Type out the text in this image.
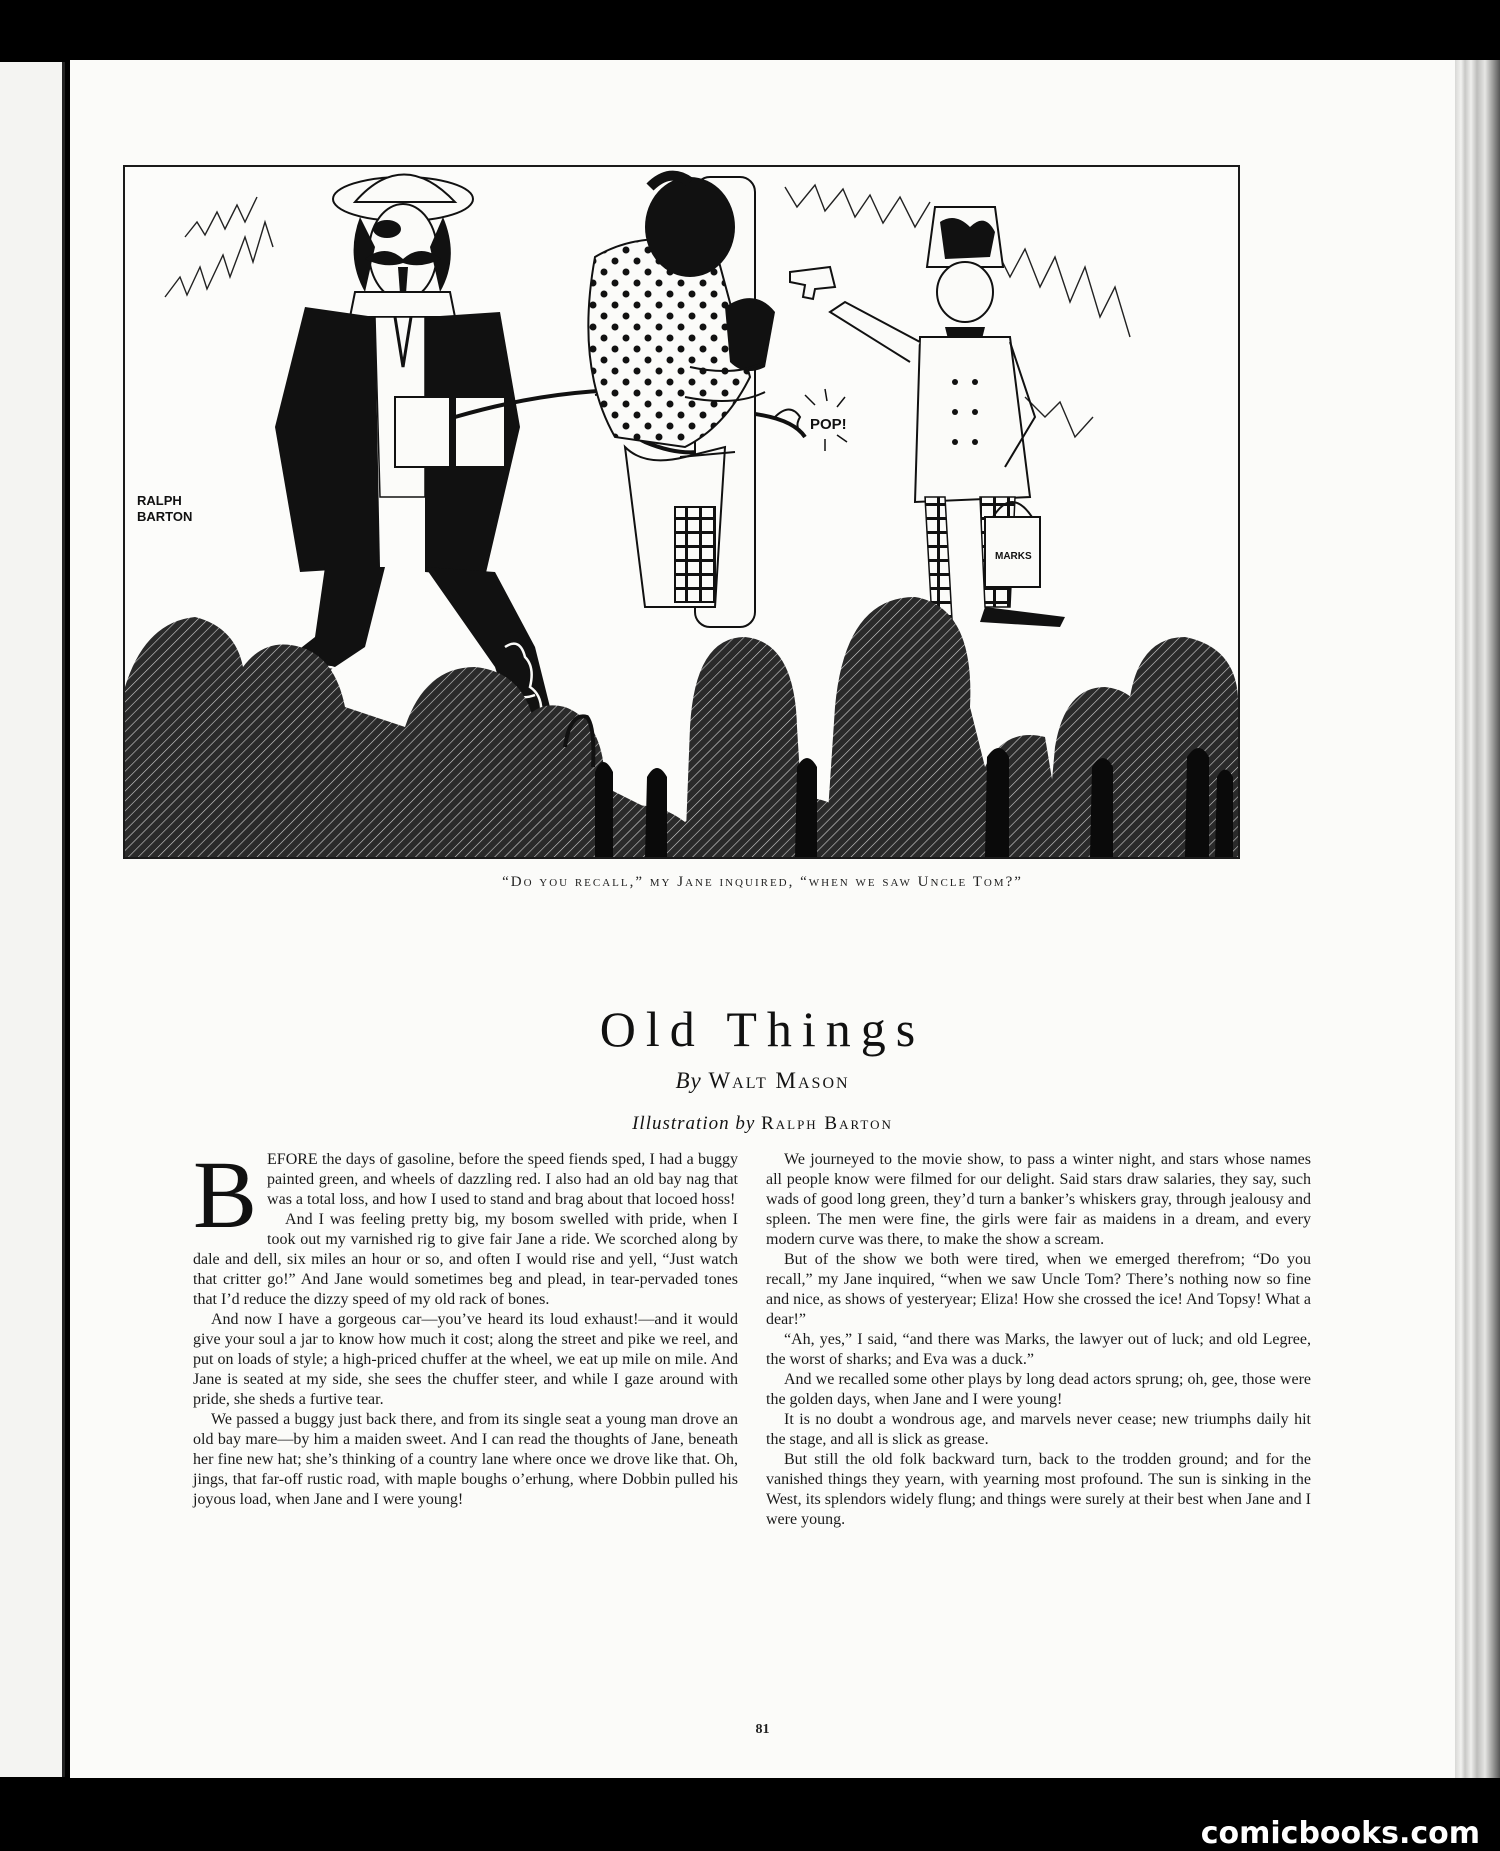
RALPH
BARTON
POP!
MARKS
“Do you recall,” my Jane inquired, “when we saw Uncle Tom?”
Old Things
By Walt Mason
Illustration by Ralph Barton

BEFORE the days of gasoline, before the speed fiends sped, I had a buggy painted green, and wheels of dazzling red. I also had an old bay nag that was a total loss, and how I used to stand and brag about that locoed hoss!

And I was feeling pretty big, my bosom swelled with pride, when I took out my varnished rig to give fair Jane a ride. We scorched along by dale and dell, six miles an hour or so, and often I would rise and yell, “Just watch that critter go!” And Jane would sometimes beg and plead, in tear-pervaded tones that I’d reduce the dizzy speed of my old rack of bones.

And now I have a gorgeous car—you’ve heard its loud exhaust!—and it would give your soul a jar to know how much it cost; along the street and pike we reel, and put on loads of style; a high-priced chuffer at the wheel, we eat up mile on mile. And Jane is seated at my side, she sees the chuffer steer, and while I gaze around with pride, she sheds a furtive tear.

We passed a buggy just back there, and from its single seat a young man drove an old bay mare—by him a maiden sweet. And I can read the thoughts of Jane, beneath her fine new hat; she’s thinking of a country lane where once we drove like that. Oh, jings, that far-off rustic road, with maple boughs o’erhung, where Dobbin pulled his joyous load, when Jane and I were young!

We journeyed to the movie show, to pass a winter night, and stars whose names all people know were filmed for our delight. Said stars draw salaries, they say, such wads of good long green, they’d turn a banker’s whiskers gray, through jealousy and spleen. The men were fine, the girls were fair as maidens in a dream, and every modern curve was there, to make the show a scream.

But of the show we both were tired, when we emerged therefrom; “Do you recall,” my Jane inquired, “when we saw Uncle Tom? There’s nothing now so fine and nice, as shows of yesteryear; Eliza! How she crossed the ice! And Topsy! What a dear!”

“Ah, yes,” I said, “and there was Marks, the lawyer out of luck; and old Legree, the worst of sharks; and Eva was a duck.”

And we recalled some other plays by long dead actors sprung; oh, gee, those were the golden days, when Jane and I were young!

It is no doubt a wondrous age, and marvels never cease; new triumphs daily hit the stage, and all is slick as grease.

But still the old folk backward turn, back to the trodden ground; and for the vanished things they yearn, with yearning most profound. The sun is sinking in the West, its splendors widely flung; and things were surely at their best when Jane and I were young.

81
comicbooks.com
